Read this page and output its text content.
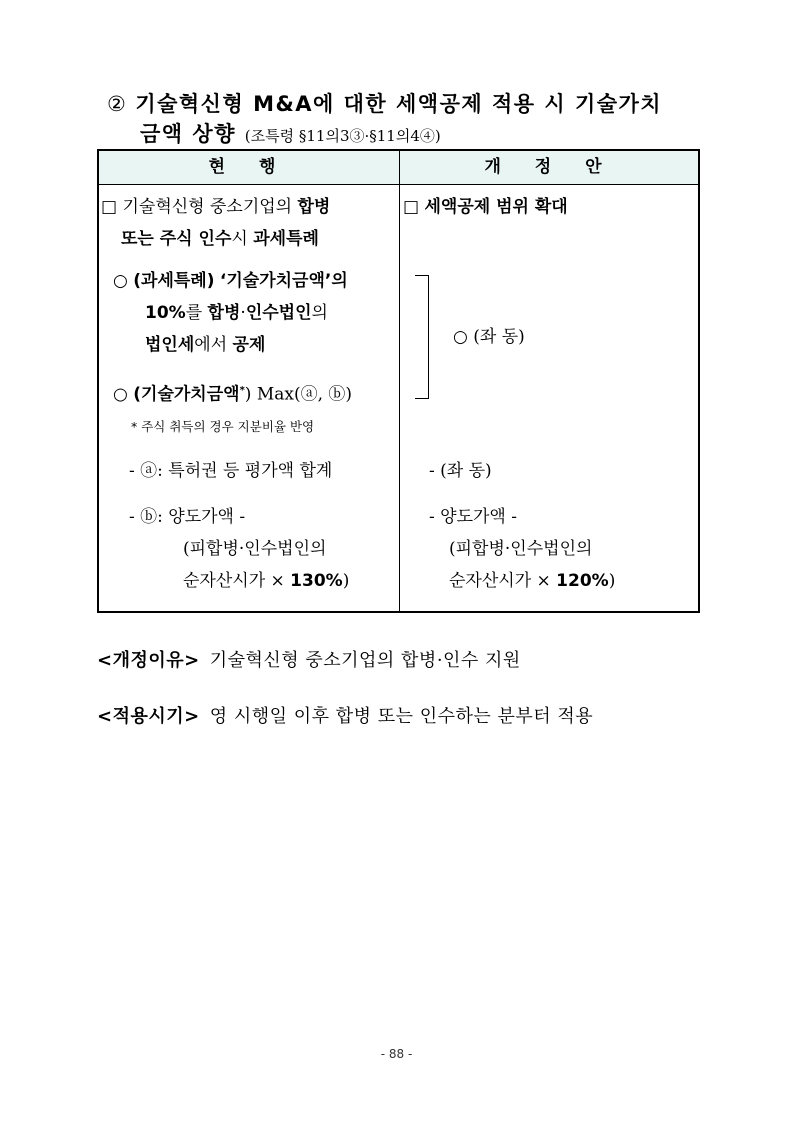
② 기술혁신형 M&A에 대한 세액공제 적용 시 기술가치
금액 상향 (조특령 §11의3③·§11의4④)
현 행	개 정 안
□ 기술혁신형 중소기업의 합병
또는 주식 인수시 과세특례
○ (과세특례) ‘기술가치금액’의
10%를 합병·인수법인의
법인세에서 공제
○ (기술가치금액*) Max(ⓐ, ⓑ)
* 주식 취득의 경우 지분비율 반영
- ⓐ: 특허권 등 평가액 합계
- ⓑ: 양도가액 -
(피합병·인수법인의
순자산시가 × 130%)
□ 세액공제 범위 확대
○ (좌 동)
- (좌 동)
- 양도가액 -
(피합병·인수법인의
순자산시가 × 120%)
<개정이유> 기술혁신형 중소기업의 합병·인수 지원
<적용시기> 영 시행일 이후 합병 또는 인수하는 분부터 적용
- 88 -
